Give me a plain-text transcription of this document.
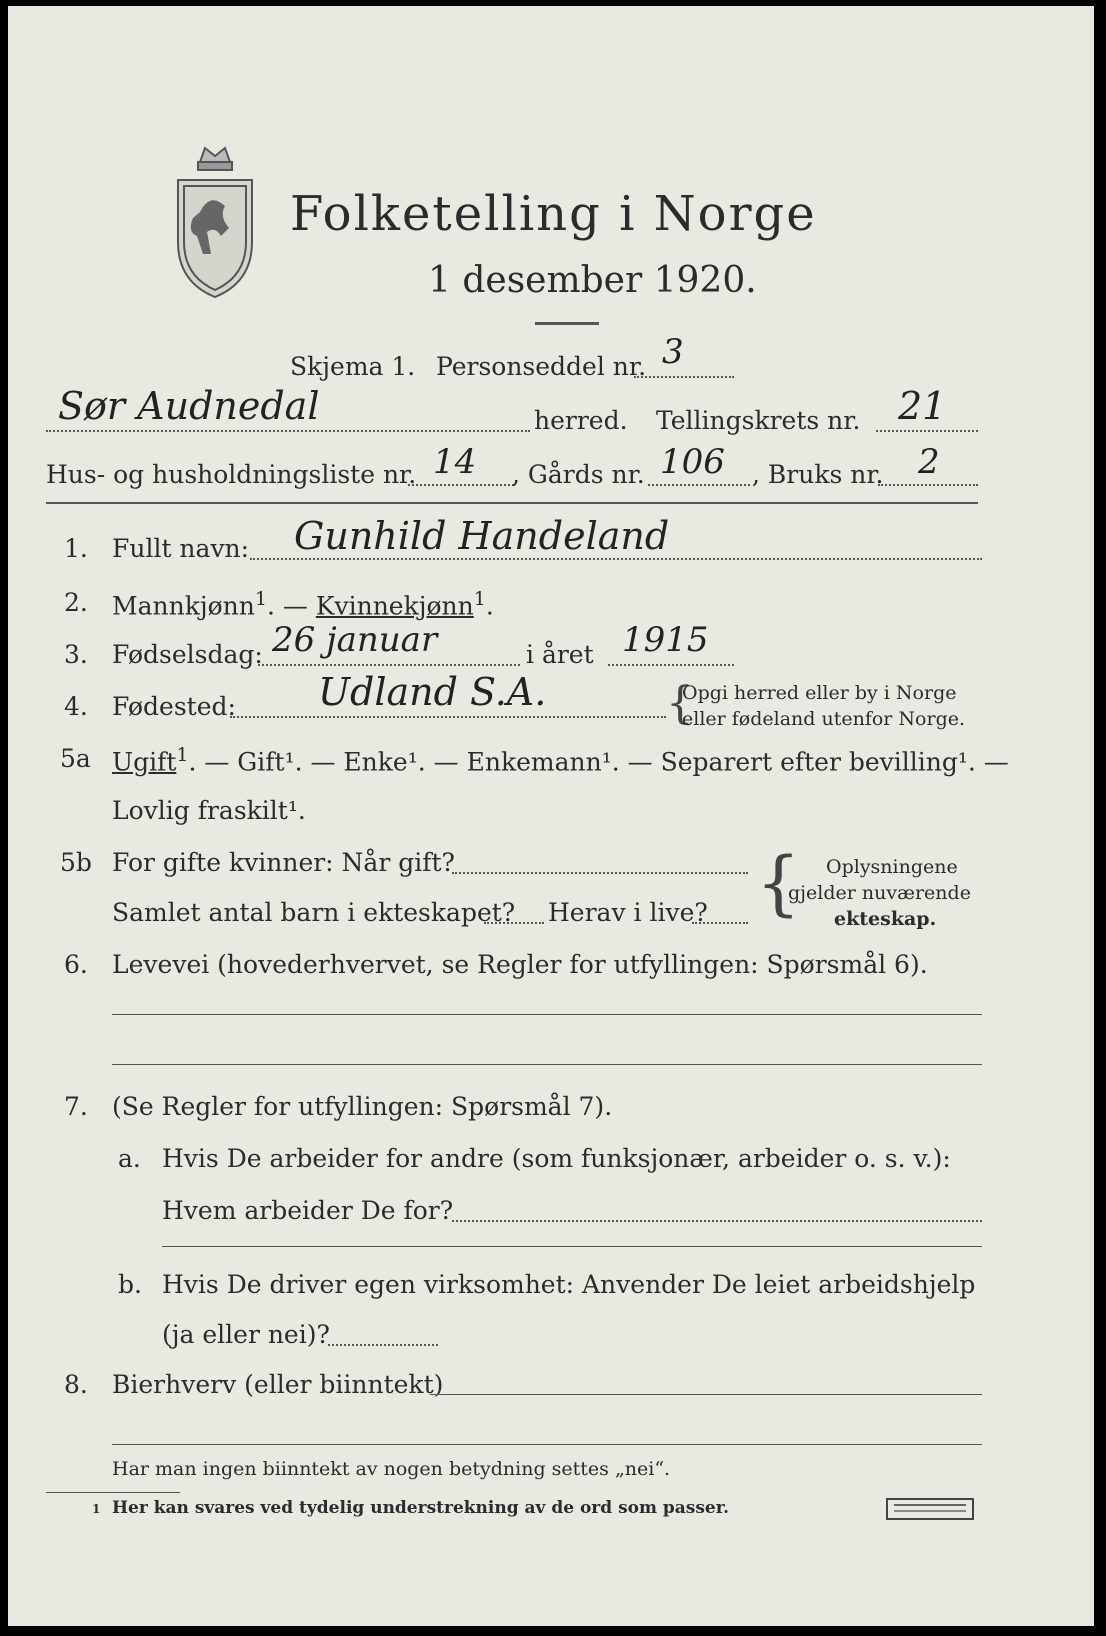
Folketelling i Norge
1 desember 1920.
Skjema 1. Personseddel nr. 3
Sør Audnedal	herred. Tellingskrets nr. 21
Hus- og husholdningsliste nr. 14 , Gårds nr. 106 , Bruks nr. 2
1. Fullt navn: Gunhild Handeland
2. Mannkjønn$^1$. — Kvinnekjønn$^1$.
3. Fødselsdag: 26 januar	i året 1915
4. Fødested: Udland S.A.	{
Opgi herred eller by i Norge
eller fødeland utenfor Norge.
5a Ugift$^1$. — Gift¹. — Enke¹. — Enkemann¹. — Separert efter bevilling¹. —
Lovlig fraskilt¹.
5b For gifte kvinner: Når gift?
Samlet antal barn i ekteskapet? Herav i live? { Oplysningene
gjelder nuværende
ekteskap.
6. Levevei (hovederhvervet, se Regler for utfyllingen: Spørsmål 6).
7. (Se Regler for utfyllingen: Spørsmål 7).
a. Hvis De arbeider for andre (som funksjonær, arbeider o. s. v.):
Hvem arbeider De for?
b. Hvis De driver egen virksomhet: Anvender De leiet arbeidshjelp
(ja eller nei)?
8. Bierhverv (eller biinntekt)
Har man ingen biinntekt av nogen betydning settes „nei“.
1 Her kan svares ved tydelig understrekning av de ord som passer.
